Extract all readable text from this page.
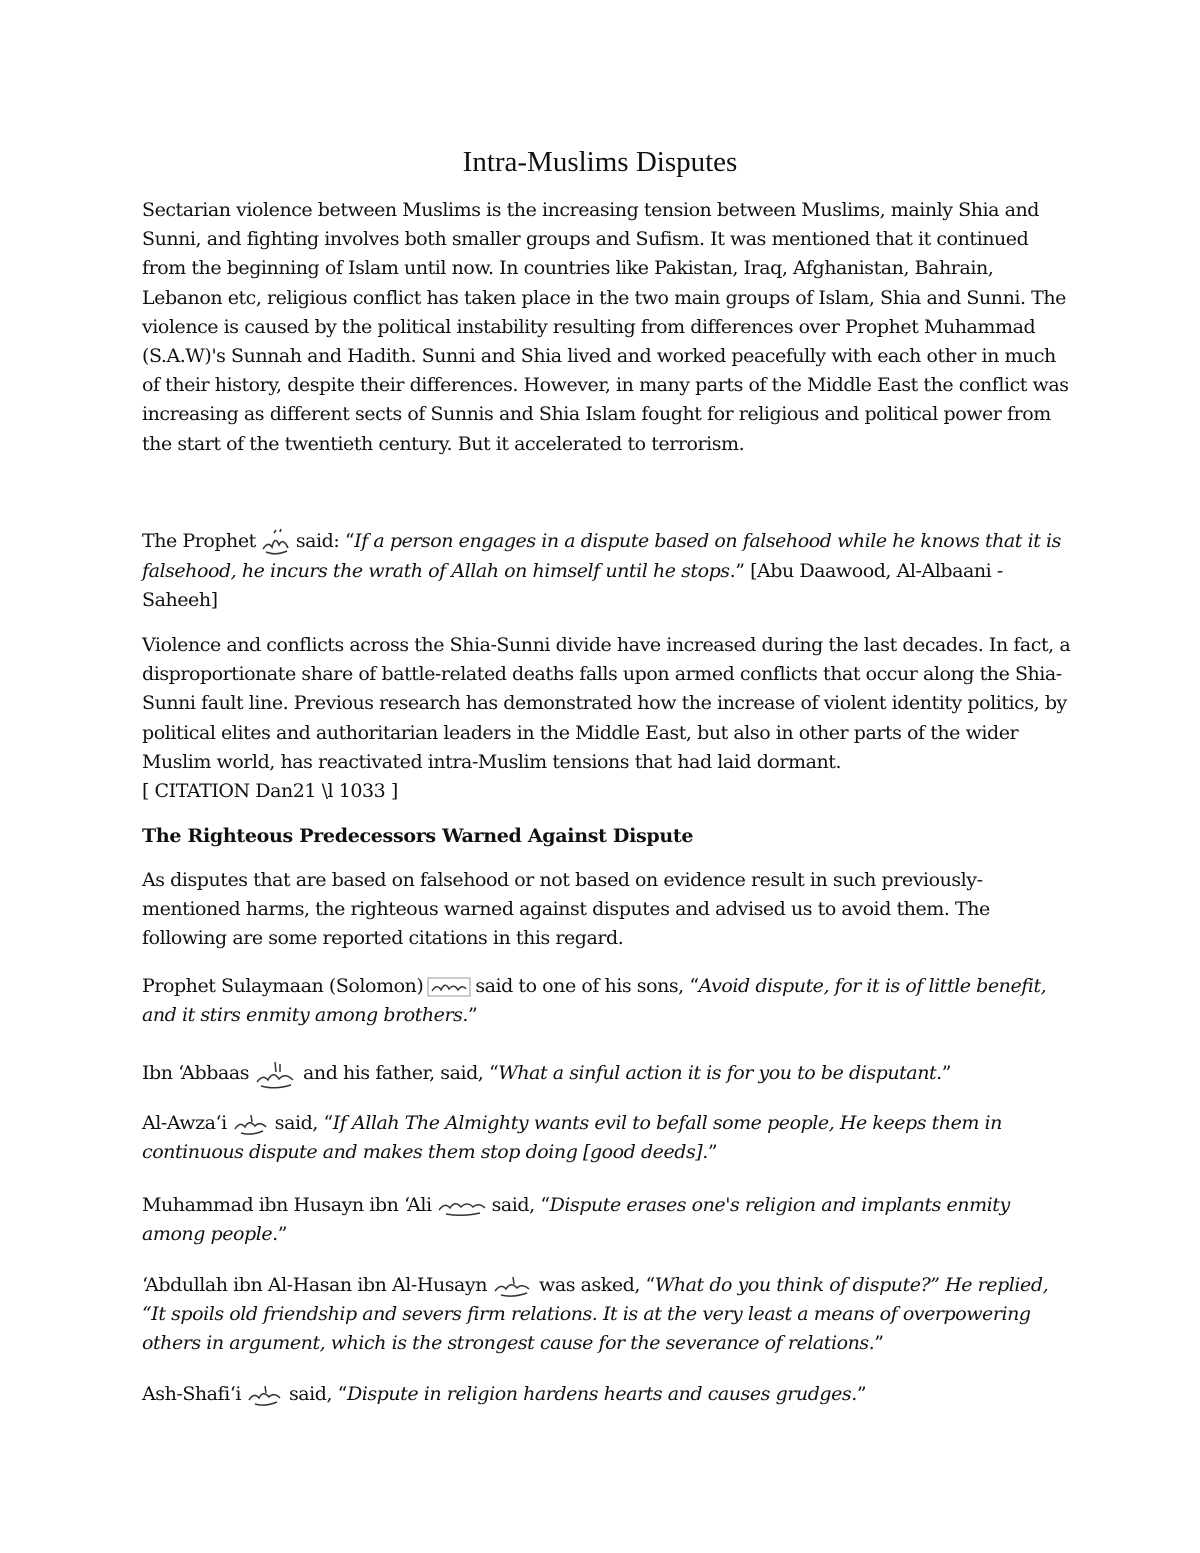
Intra-Muslims Disputes

Sectarian violence between Muslims is the increasing tension between Muslims, mainly Shia and Sunni, and fighting involves both smaller groups and Sufism. It was mentioned that it continued from the beginning of Islam until now. In countries like Pakistan, Iraq, Afghanistan, Bahrain, Lebanon etc, religious conflict has taken place in the two main groups of Islam, Shia and Sunni. The violence is caused by the political instability resulting from differences over Prophet Muhammad (S.A.W)'s Sunnah and Hadith. Sunni and Shia lived and worked peacefully with each other in much of their history, despite their differences. However, in many parts of the Middle East the conflict was increasing as different sects of Sunnis and Shia Islam fought for religious and political power from the start of the twentieth century. But it accelerated to terrorism.

The Prophet said: “If a person engages in a dispute based on falsehood while he knows that it is falsehood, he incurs the wrath of Allah on himself until he stops.” [Abu Daawood, Al-Albaani - Saheeh]

Violence and conflicts across the Shia-Sunni divide have increased during the last decades. In fact, a disproportionate share of battle-related deaths falls upon armed conflicts that occur along the Shia-Sunni fault line. Previous research has demonstrated how the increase of violent identity politics, by political elites and authoritarian leaders in the Middle East, but also in other parts of the wider Muslim world, has reactivated intra-Muslim tensions that had laid dormant.
[ CITATION Dan21 \l 1033 ]

The Righteous Predecessors Warned Against Dispute

As disputes that are based on falsehood or not based on evidence result in such previously-mentioned harms, the righteous warned against disputes and advised us to avoid them. The following are some reported citations in this regard.

Prophet Sulaymaan (Solomon)	said to one of his sons, “Avoid dispute, for it is of little benefit, and it stirs enmity among brothers.”

Ibn ‘Abbaas	and his father, said, “What a sinful action it is for you to be disputant.”

Al-Awza‘i	said, “If Allah The Almighty wants evil to befall some people, He keeps them in continuous dispute and makes them stop doing [good deeds].”

Muhammad ibn Husayn ibn ‘Ali	said, “Dispute erases one's religion and implants enmity among people.”

‘Abdullah ibn Al-Hasan ibn Al-Husayn	was asked, “What do you think of dispute?” He replied, “It spoils old friendship and severs firm relations. It is at the very least a means of overpowering others in argument, which is the strongest cause for the severance of relations.”

Ash-Shafi‘i	said, “Dispute in religion hardens hearts and causes grudges.”
